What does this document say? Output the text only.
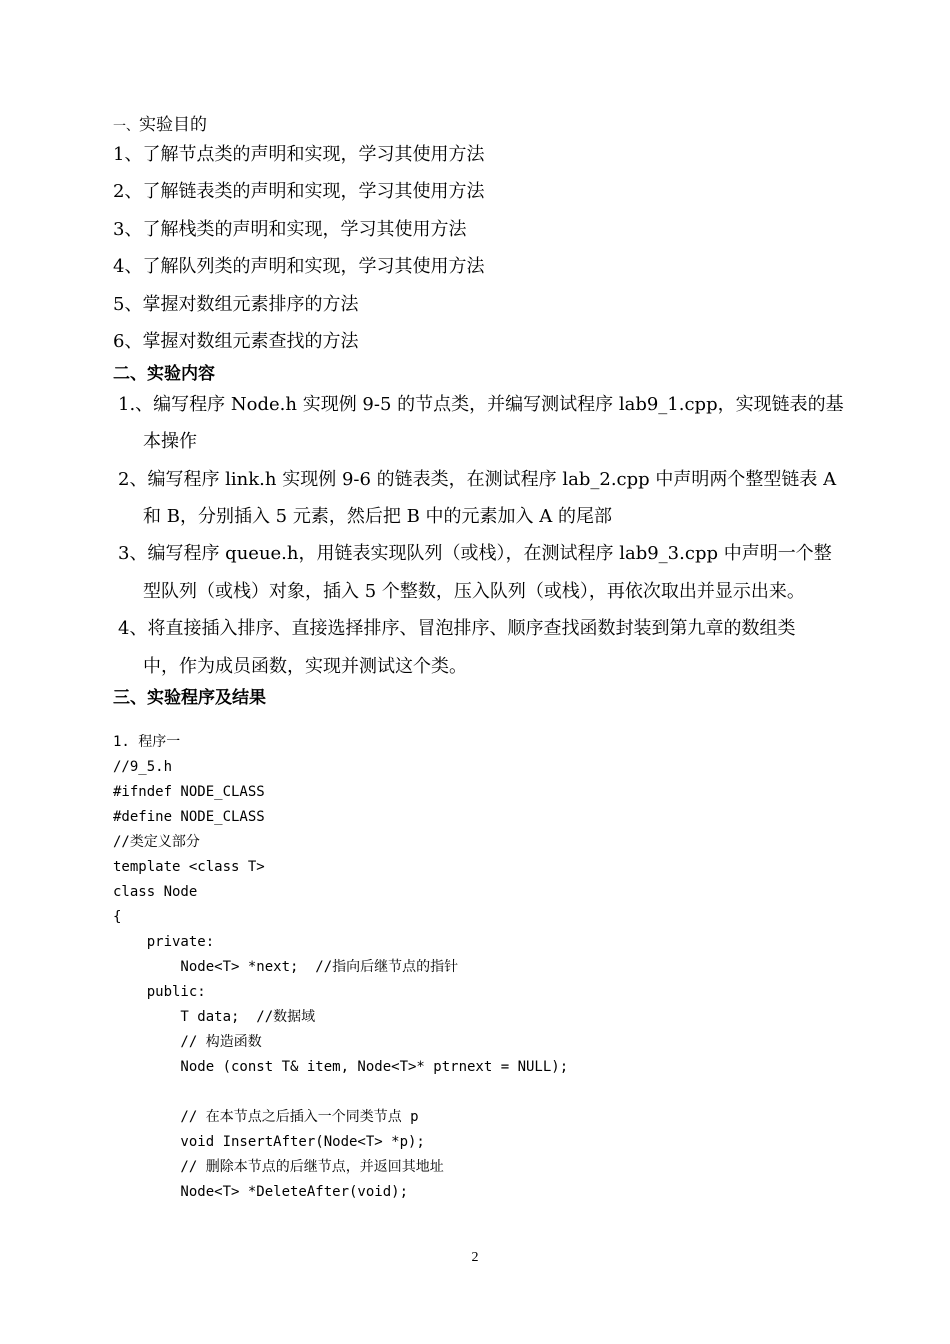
一、实验目的
1、了解节点类的声明和实现，学习其使用方法
2、了解链表类的声明和实现，学习其使用方法
3、了解栈类的声明和实现，学习其使用方法
4、了解队列类的声明和实现，学习其使用方法
5、掌握对数组元素排序的方法
6、掌握对数组元素查找的方法
二、实验内容
1.、编写程序 Node.h 实现例 9-5 的节点类，并编写测试程序 lab9_1.cpp，实现链表的基
本操作
2、编写程序 link.h 实现例 9-6 的链表类，在测试程序 lab_2.cpp 中声明两个整型链表 A
和 B，分别插入 5 元素，然后把 B 中的元素加入 A 的尾部
3、编写程序 queue.h，用链表实现队列（或栈），在测试程序 lab9_3.cpp 中声明一个整
型队列（或栈）对象，插入 5 个整数，压入队列（或栈），再依次取出并显示出来。
4、将直接插入排序、直接选择排序、冒泡排序、顺序查找函数封装到第九章的数组类
中，作为成员函数，实现并测试这个类。
三、实验程序及结果

1. 程序一
//9_5.h
#ifndef NODE_CLASS
#define NODE_CLASS
//类定义部分
template <class T>
class Node
{
private:
Node<T> *next;  //指向后继节点的指针
public:
T data;  //数据域
// 构造函数
Node (const T& item, Node<T>* ptrnext = NULL);
// 在本节点之后插入一个同类节点 p
void InsertAfter(Node<T> *p);
// 删除本节点的后继节点，并返回其地址
Node<T> *DeleteAfter(void);

2
